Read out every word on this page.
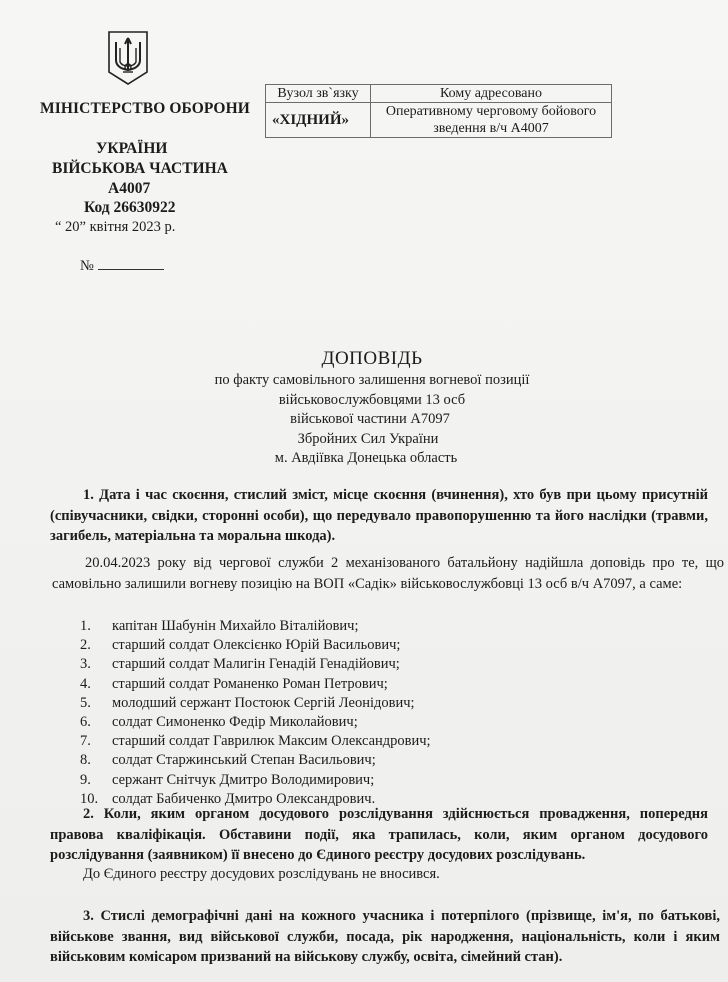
МІНІСТЕРСТВО ОБОРОНИ
УКРАЇНИ
ВІЙСЬКОВА ЧАСТИНА
А4007
Код 26630922
“ 20” квітня 2023 р.
№
Вузол зв`язку	Кому адресовано
«ХІДНИЙ»	Оперативному черговому бойового
зведення в/ч А4007
ДОПОВІДЬ
по факту самовільного залишення вогневої позиції
військовослужбовцями 13 осб
військової частини А7097
Збройних Сил України
м. Авдіївка Донецька область
1. Дата і час скоєння, стислий зміст, місце скоєння (вчинення), хто був при цьому присутній (співучасники, свідки, сторонні особи), що передувало правопорушенню та його наслідки (травми, загибель, матеріальна та моральна шкода).
20.04.2023 року від чергової служби 2 механізованого батальйону надійшла доповідь про те, що самовільно залишили вогневу позицію на ВОП «Садік» військовослужбовці 13 осб в/ч А7097, а саме:
1.	капітан Шабунін Михайло Віталійович;
2.	старший солдат Олексієнко Юрій Васильович;
3.	старший солдат Малигін Генадій Генадійович;
4.	старший солдат Романенко Роман Петрович;
5.	молодший сержант Постоюк Сергій Леонідович;
6.	солдат Симоненко Федір Миколайович;
7.	старший солдат Гаврилюк Максим Олександрович;
8.	солдат Старжинський Степан Васильович;
9.	сержант Снітчук Дмитро Володимирович;
10. солдат Бабиченко Дмитро Олександрович.
2. Коли, яким органом досудового розслідування здійснюється провадження, попередня правова кваліфікація. Обставини події, яка трапилась, коли, яким органом досудового розслідування (заявником) її внесено до Єдиного реєстру досудових розслідувань.
До Єдиного реєстру досудових розслідувань не вносився.
3. Стислі демографічні дані на кожного учасника і потерпілого (прізвище, ім'я, по батькові, військове звання, вид військової служби, посада, рік народження, національність, коли і яким військовим комісаром призваний на військову службу, освіта, сімейний стан).
